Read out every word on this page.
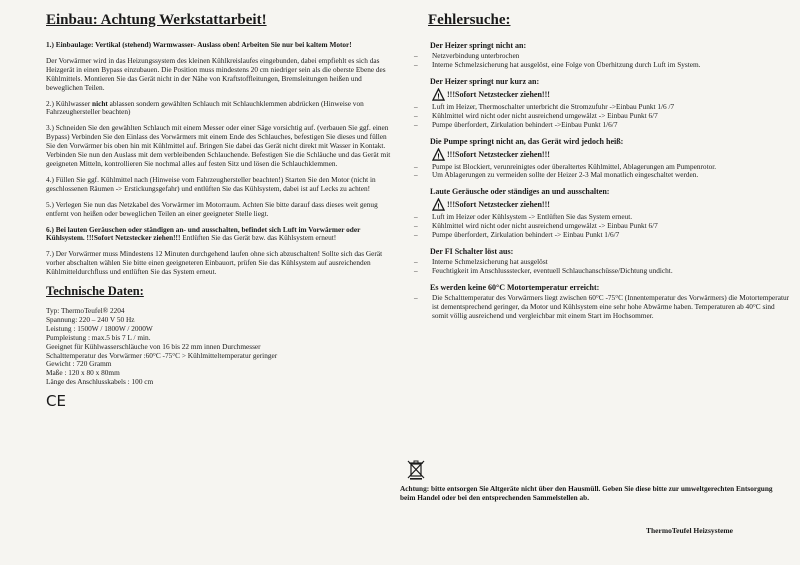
Einbau: Achtung Werkstattarbeit!

1.) Einbaulage: Vertikal (stehend) Warmwasser- Auslass oben! Arbeiten Sie nur bei kaltem Motor!

Der Vorwärmer wird in das Heizungssystem des kleinen Kühlkreislaufes eingebunden, dabei empfiehlt es sich das Heizgerät in einen Bypass einzubauen. Die Position muss mindestens 20 cm niedriger sein als die oberste Ebene des Kühlmittels. Montieren Sie das Gerät nicht in der Nähe von Kraftstoffleitungen, Bremsleitungen heißen und beweglichen Teilen.

2.) Kühlwasser nicht ablassen sondern gewählten Schlauch mit Schlauchklemmen abdrücken (Hinweise von Fahrzeughersteller beachten)

3.) Schneiden Sie den gewählten Schlauch mit einem Messer oder einer Säge vorsichtig auf. (verbauen Sie ggf. einen Bypass) Verbinden Sie den Einlass des Vorwärmers mit einem Ende des Schlauches, befestigen Sie dieses und füllen Sie den Vorwärmer bis oben hin mit Kühlmittel auf. Bringen Sie dabei das Gerät nicht direkt mit Wasser in Kontakt. Verbinden Sie nun den Auslass mit dem verbleibenden Schlauchende. Befestigen Sie die Schläuche und das Gerät mit geeigneten Mitteln, kontrollieren Sie nochmal alles auf festen Sitz und lösen die Schlauchklemmen.

4.) Füllen Sie ggf. Kühlmittel nach (Hinweise vom Fahrzeughersteller beachten!) Starten Sie den Motor (nicht in geschlossenen Räumen -> Erstickungsgefahr) und entlüften Sie das Kühlsystem, dabei ist auf Lecks zu achten!

5.) Verlegen Sie nun das Netzkabel des Vorwärmer im Motorraum. Achten Sie bitte darauf dass dieses weit genug entfernt von heißen oder beweglichen Teilen an einer geeigneter Stelle liegt.

6.) Bei lauten Geräuschen oder ständigen an- und ausschalten, befindet sich Luft im Vorwärmer oder Kühlsystem. !!!Sofort Netzstecker ziehen!!! Entlüften Sie das Gerät bzw. das Kühlsystem erneut!

7.) Der Vorwärmer muss Mindestens 12 Minuten durchgehend laufen ohne sich abzuschalten! Sollte sich das Gerät vorher abschalten wählen Sie bitte einen geeigneteren Einbauort, prüfen Sie das Kühlsystem auf ausreichenden Kühlmitteldurchfluss und entlüften Sie das System erneut.

Technische Daten:
Typ: ThermoTeufel® 2204
Spannung: 220 – 240 V 50 Hz
Leistung : 1500W / 1800W / 2000W
Pumpleistung : max.5 bis 7 L / min.
Geeignet für Kühlwasserschläuche von 16 bis 22 mm innen Durchmesser
Schalttemperatur des Vorwärmer :60°C -75°C > Kühlmitteltemperatur geringer
Gewicht : 720 Gramm
Maße : 120 x 80 x 80mm
Länge des Anschlusskabels : 100 cm
CE
Fehlersuche:
Der Heizer springt nicht an:
– Netzverbindung unterbrochen
– Interne Schmelzsicherung hat ausgelöst, eine Folge von Überhitzung durch Luft im System.
Der Heizer springt nur kurz an:
! !!!Sofort Netzstecker ziehen!!!
– Luft im Heizer, Thermoschalter unterbricht die Stromzufuhr ->Einbau Punkt 1/6 /7
– Kühlmittel wird nicht oder nicht ausreichend umgewälzt -> Einbau Punkt 6/7
– Pumpe überfordert, Zirkulation behindert ->Einbau Punkt 1/6/7
Die Pumpe springt nicht an, das Gerät wird jedoch heiß:
! !!!Sofort Netzstecker ziehen!!!
– Pumpe ist Blockiert, verunreinigtes oder überaltertes Kühlmittel, Ablagerungen am Pumpenrotor.
– Um Ablagerungen zu vermeiden sollte der Heizer 2-3 Mal monatlich eingeschaltet werden.
Laute Geräusche oder ständiges an und ausschalten:
! !!!Sofort Netzstecker ziehen!!!
– Luft im Heizer oder Kühlsystem -> Entlüften Sie das System erneut.
– Kühlmittel wird nicht oder nicht ausreichend umgewälzt -> Einbau Punkt 6/7
– Pumpe überfordert, Zirkulation behindert -> Einbau Punkt 1/6/7
Der FI Schalter löst aus:
– Interne Schmelzsicherung hat ausgelöst
– Feuchtigkeit im Anschlussstecker, eventuell Schlauchanschüsse/Dichtung undicht.
Es werden keine 60°C Motortemperatur erreicht:
– Die Schalttemperatur des Vorwärmers liegt zwischen 60°C -75°C (Innentemperatur des Vorwärmers) die Motortemperatur ist dementsprechend geringer, da Motor und Kühlsystem eine sehr hohe Abwärme haben. Temperaturen ab 40°C sind somit völlig ausreichend und vergleichbar mit einem Start im Hochsommer.
Achtung: bitte entsorgen Sie Altgeräte nicht über den Hausmüll. Geben Sie diese bitte zur umweltgerechten Entsorgung beim Handel oder bei den entsprechenden Sammelstellen ab.
ThermoTeufel Heizsysteme
